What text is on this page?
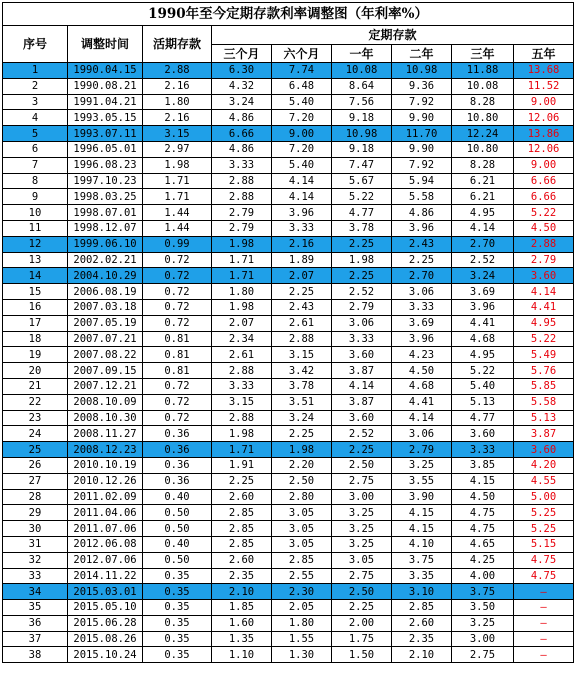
1990年至今定期存款利率调整图（年利率%）								
序号	调整时间	活期存款	定期存款					
			三个月	六个月	一年	二年	三年	五年
1	1990.04.15	2.88	6.30	7.74	10.08	10.98	11.88	13.68
2	1990.08.21	2.16	4.32	6.48	8.64	9.36	10.08	11.52
3	1991.04.21	1.80	3.24	5.40	7.56	7.92	8.28	9.00
4	1993.05.15	2.16	4.86	7.20	9.18	9.90	10.80	12.06
5	1993.07.11	3.15	6.66	9.00	10.98	11.70	12.24	13.86
6	1996.05.01	2.97	4.86	7.20	9.18	9.90	10.80	12.06
7	1996.08.23	1.98	3.33	5.40	7.47	7.92	8.28	9.00
8	1997.10.23	1.71	2.88	4.14	5.67	5.94	6.21	6.66
9	1998.03.25	1.71	2.88	4.14	5.22	5.58	6.21	6.66
10	1998.07.01	1.44	2.79	3.96	4.77	4.86	4.95	5.22
11	1998.12.07	1.44	2.79	3.33	3.78	3.96	4.14	4.50
12	1999.06.10	0.99	1.98	2.16	2.25	2.43	2.70	2.88
13	2002.02.21	0.72	1.71	1.89	1.98	2.25	2.52	2.79
14	2004.10.29	0.72	1.71	2.07	2.25	2.70	3.24	3.60
15	2006.08.19	0.72	1.80	2.25	2.52	3.06	3.69	4.14
16	2007.03.18	0.72	1.98	2.43	2.79	3.33	3.96	4.41
17	2007.05.19	0.72	2.07	2.61	3.06	3.69	4.41	4.95
18	2007.07.21	0.81	2.34	2.88	3.33	3.96	4.68	5.22
19	2007.08.22	0.81	2.61	3.15	3.60	4.23	4.95	5.49
20	2007.09.15	0.81	2.88	3.42	3.87	4.50	5.22	5.76
21	2007.12.21	0.72	3.33	3.78	4.14	4.68	5.40	5.85
22	2008.10.09	0.72	3.15	3.51	3.87	4.41	5.13	5.58
23	2008.10.30	0.72	2.88	3.24	3.60	4.14	4.77	5.13
24	2008.11.27	0.36	1.98	2.25	2.52	3.06	3.60	3.87
25	2008.12.23	0.36	1.71	1.98	2.25	2.79	3.33	3.60
26	2010.10.19	0.36	1.91	2.20	2.50	3.25	3.85	4.20
27	2010.12.26	0.36	2.25	2.50	2.75	3.55	4.15	4.55
28	2011.02.09	0.40	2.60	2.80	3.00	3.90	4.50	5.00
29	2011.04.06	0.50	2.85	3.05	3.25	4.15	4.75	5.25
30	2011.07.06	0.50	2.85	3.05	3.25	4.15	4.75	5.25
31	2012.06.08	0.40	2.85	3.05	3.25	4.10	4.65	5.15
32	2012.07.06	0.50	2.60	2.85	3.05	3.75	4.25	4.75
33	2014.11.22	0.35	2.35	2.55	2.75	3.35	4.00	4.75
34	2015.03.01	0.35	2.10	2.30	2.50	3.10	3.75	–
35	2015.05.10	0.35	1.85	2.05	2.25	2.85	3.50	–
36	2015.06.28	0.35	1.60	1.80	2.00	2.60	3.25	–
37	2015.08.26	0.35	1.35	1.55	1.75	2.35	3.00	–
38	2015.10.24	0.35	1.10	1.30	1.50	2.10	2.75	–
